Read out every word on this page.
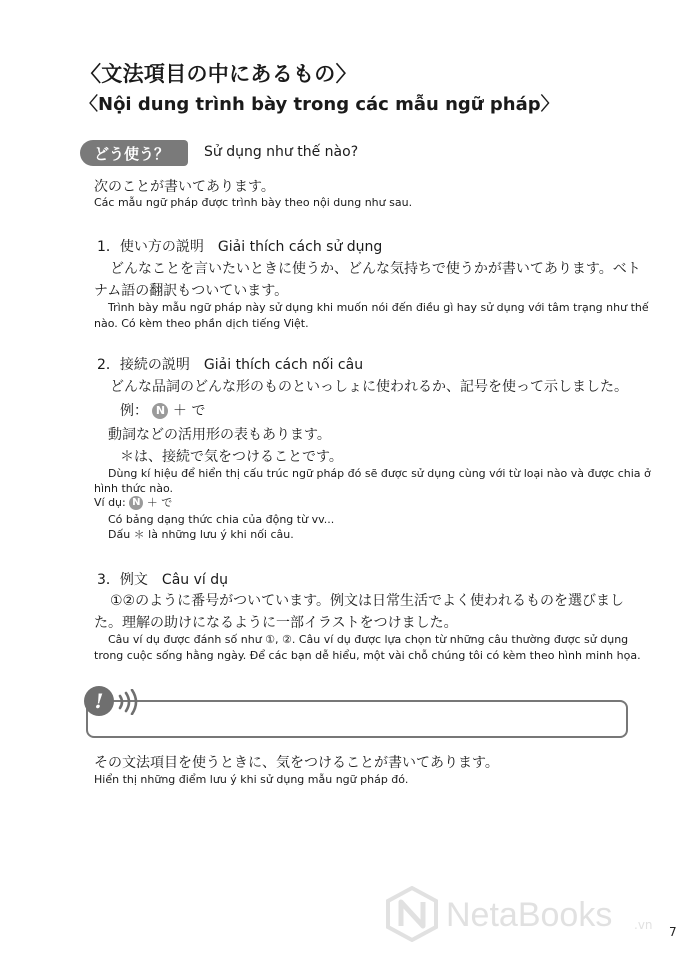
〈文法項目の中にあるもの〉
〈Nội dung trình bày trong các mẫu ngữ pháp〉
どう使う？	Sử dụng như thế nào?
次のことが書いてあります。
Các mẫu ngữ pháp được trình bày theo nội dung như sau.
1．使い方の説明 Giải thích cách sử dụng
どんなことを言いたいときに使うか、どんな気持ちで使うかが書いてあります。ベト
ナム語の翻訳もついています。
Trình bày mẫu ngữ pháp này sử dụng khi muốn nói đến điều gì hay sử dụng với tâm trạng như thế
nào. Có kèm theo phần dịch tiếng Việt.
2．接続の説明 Giải thích cách nối câu
どんな品詞のどんな形のものといっしょに使われるか、記号を使って示しました。
例： N ＋ で
動詞などの活用形の表もあります。
＊は、接続で気をつけることです。
Dùng kí hiệu để hiển thị cấu trúc ngữ pháp đó sẽ được sử dụng cùng với từ loại nào và được chia ở
hình thức nào.
Ví dụ: N ＋ で
Có bảng dạng thức chia của động từ vv...
Dấu ＊ là những lưu ý khi nối câu.
3．例文 Câu ví dụ
①②のように番号がついています。例文は日常生活でよく使われるものを選びまし
た。理解の助けになるように一部イラストをつけました。
Câu ví dụ được đánh số như ①, ②. Câu ví dụ được lựa chọn từ những câu thường được sử dụng
trong cuộc sống hằng ngày. Để các bạn dễ hiểu, một vài chỗ chúng tôi có kèm theo hình minh họa.
!
その文法項目を使うときに、気をつけることが書いてあります。
Hiển thị những điểm lưu ý khi sử dụng mẫu ngữ pháp đó.
NetaBooks .vn 7
